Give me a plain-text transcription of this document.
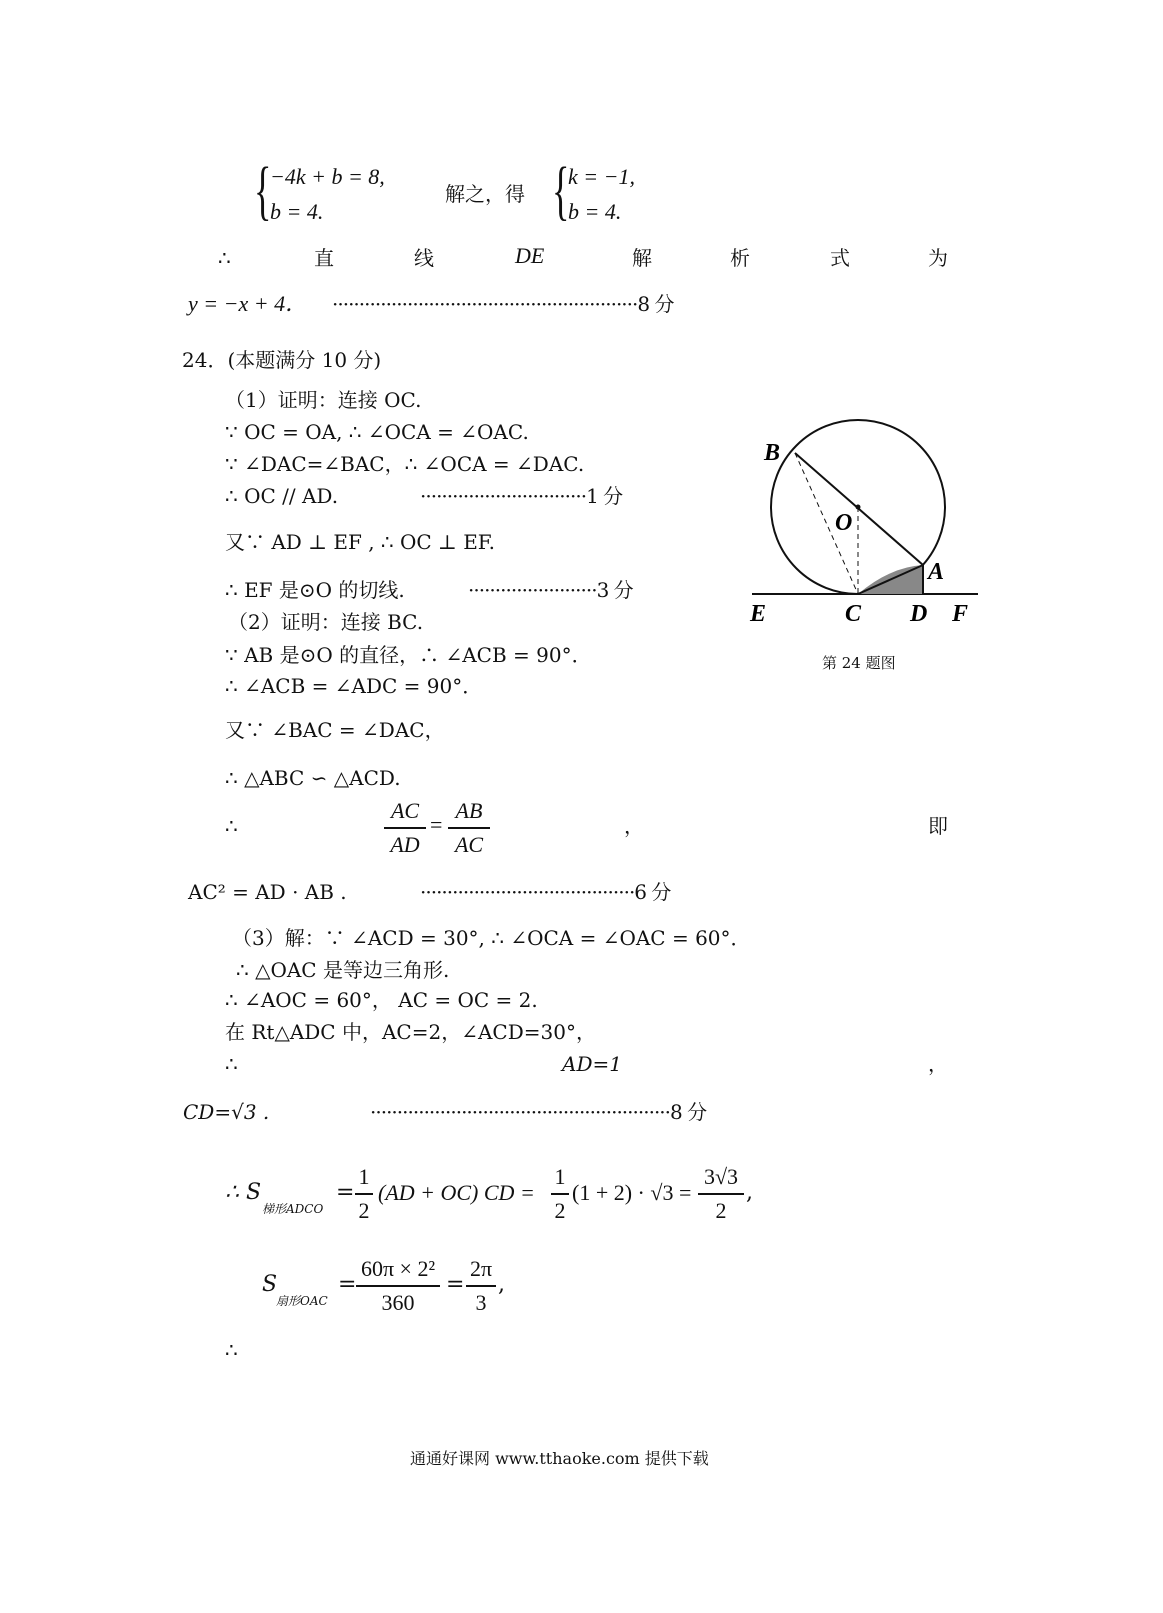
{
−4k + b = 8,
b = 4.
解之，得 {
k = −1,
b = 4.
∴	直	线	DE	解	析	式	为
y = −x + 4． ·························································8 分
24．(本题满分 10 分)
（1）证明：连接 OC.
∵ OC = OA, ∴ ∠OCA = ∠OAC.
∵ ∠DAC=∠BAC，∴ ∠OCA = ∠DAC.
∴ OC // AD.	·······························1 分
又∵ AD ⊥ EF , ∴ OC ⊥ EF.
∴ EF 是⊙O 的切线.	························3 分
（2）证明：连接 BC.
∵ AB 是⊙O 的直径，∴ ∠ACB = 90°．
∴ ∠ACB = ∠ADC = 90°．
又∵ ∠BAC = ∠DAC，
∴ △ABC ∽ △ACD.
∴
AC
AD
=
AB
AC
，	即
AC² = AD · AB .	········································6 分
（3）解：∵ ∠ACD = 30°, ∴ ∠OCA = ∠OAC = 60°．
∴ △OAC 是等边三角形.
∴ ∠AOC = 60°， AC = OC = 2.
在 Rt△ADC 中，AC=2，∠ACD=30°，
∴	AD=1	，
CD=√3 .	························································8 分
∴ S
梯形ADCO
=
1
2
(AD + OC) CD =
1
2
(1 + 2) · √3 =
3√3
2
,
S
扇形OAC
=
60π × 2²
360
=
2π
3
,
∴
B
O
A
E	C D F
第 24 题图
通通好课网 www.tthaoke.com 提供下载
